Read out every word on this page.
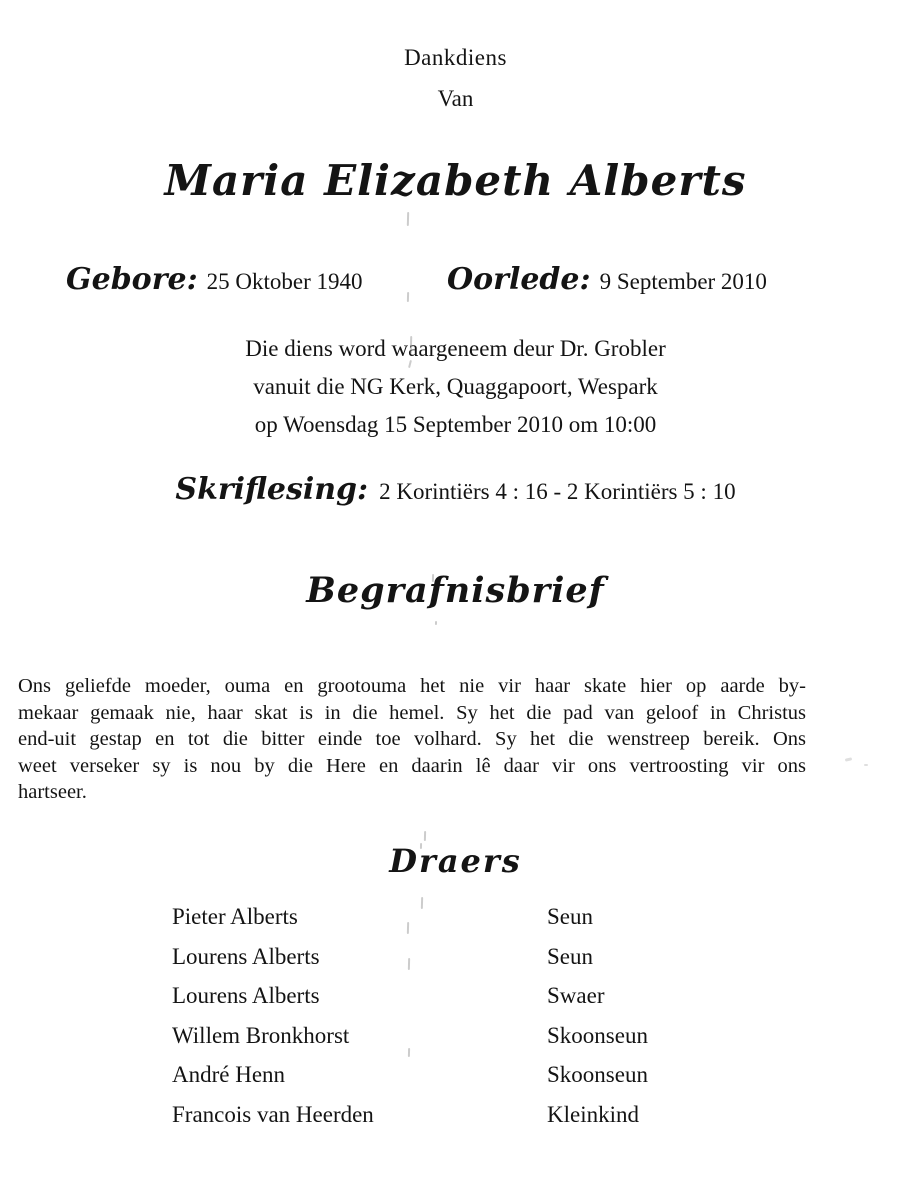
Dankdiens
Van
Maria Elizabeth Alberts
Gebore: 25 Oktober 1940	Oorlede: 9 September 2010
Die diens word waargeneem deur Dr. Grobler
vanuit die NG Kerk, Quaggapoort, Wespark
op Woensdag 15 September 2010 om 10:00
Skriflesing: 2 Korintiërs 4 : 16 - 2 Korintiërs 5 : 10
Begrafnisbrief
Ons geliefde moeder, ouma en grootouma het nie vir haar skate hier op aarde by-
mekaar gemaak nie, haar skat is in die hemel. Sy het die pad van geloof in Christus
end-uit gestap en tot die bitter einde toe volhard. Sy het die wenstreep bereik. Ons
weet verseker sy is nou by die Here en daarin lê daar vir ons vertroosting vir ons
hartseer.
Draers
Pieter Alberts	Seun
Lourens Alberts	Seun
Lourens Alberts	Swaer
Willem Bronkhorst	Skoonseun
André Henn	Skoonseun
Francois van Heerden	Kleinkind
